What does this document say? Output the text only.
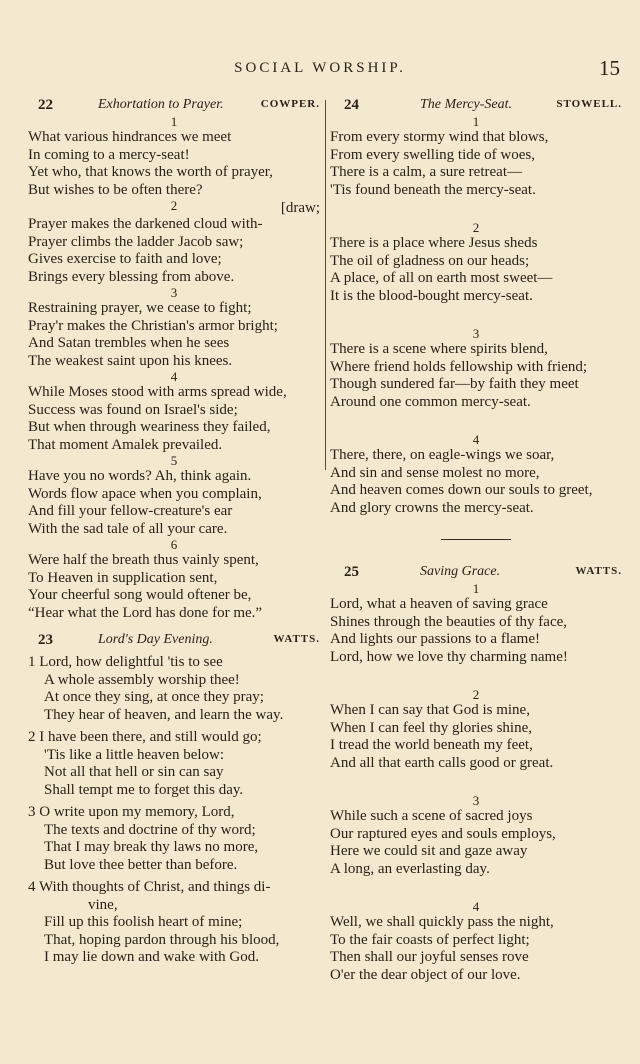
SOCIAL WORSHIP.	15
22	Exhortation to Prayer.	COWPER.
1
What various hindrances we meet
In coming to a mercy-seat!
Yet who, that knows the worth of prayer,
But wishes to be often there?
2	[draw;
Prayer makes the darkened cloud with-
Prayer climbs the ladder Jacob saw;
Gives exercise to faith and love;
Brings every blessing from above.
3
Restraining prayer, we cease to fight;
Pray'r makes the Christian's armor bright;
And Satan trembles when he sees
The weakest saint upon his knees.
4
While Moses stood with arms spread wide,
Success was found on Israel's side;
But when through weariness they failed,
That moment Amalek prevailed.
5
Have you no words? Ah, think again.
Words flow apace when you complain,
And fill your fellow-creature's ear
With the sad tale of all your care.
6
Were half the breath thus vainly spent,
To Heaven in supplication sent,
Your cheerful song would oftener be,
“Hear what the Lord has done for me.”
23	Lord's Day Evening.	WATTS.
1 Lord, how delightful 'tis to see
A whole assembly worship thee!
At once they sing, at once they pray;
They hear of heaven, and learn the way.
2 I have been there, and still would go;
'Tis like a little heaven below:
Not all that hell or sin can say
Shall tempt me to forget this day.
3 O write upon my memory, Lord,
The texts and doctrine of thy word;
That I may break thy laws no more,
But love thee better than before.
4 With thoughts of Christ, and things di-
vine,
Fill up this foolish heart of mine;
That, hoping pardon through his blood,
I may lie down and wake with God.
24	The Mercy-Seat.	STOWELL.
1
From every stormy wind that blows,
From every swelling tide of woes,
There is a calm, a sure retreat—
'Tis found beneath the mercy-seat.
2
There is a place where Jesus sheds
The oil of gladness on our heads;
A place, of all on earth most sweet—
It is the blood-bought mercy-seat.
3
There is a scene where spirits blend,
Where friend holds fellowship with friend;
Though sundered far—by faith they meet
Around one common mercy-seat.
4
There, there, on eagle-wings we soar,
And sin and sense molest no more,
And heaven comes down our souls to greet,
And glory crowns the mercy-seat.
25	Saving Grace.	WATTS.
1
Lord, what a heaven of saving grace
Shines through the beauties of thy face,
And lights our passions to a flame!
Lord, how we love thy charming name!
2
When I can say that God is mine,
When I can feel thy glories shine,
I tread the world beneath my feet,
And all that earth calls good or great.
3
While such a scene of sacred joys
Our raptured eyes and souls employs,
Here we could sit and gaze away
A long, an everlasting day.
4
Well, we shall quickly pass the night,
To the fair coasts of perfect light;
Then shall our joyful senses rove
O'er the dear object of our love.
